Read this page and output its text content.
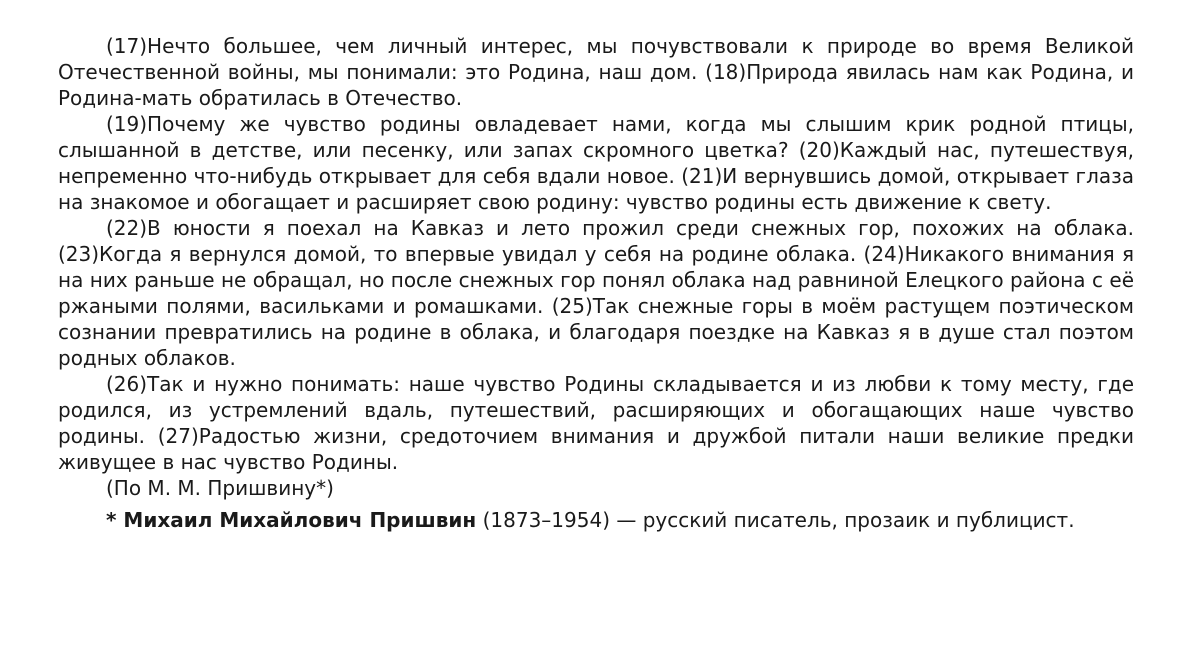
(17)Нечто большее, чем личный интерес, мы почувствовали к природе во время Великой Отечественной войны, мы понимали: это Родина, наш дом. (18)Природа явилась нам как Родина, и Родина-мать обратилась в Отечество.

(19)Почему же чувство родины овладевает нами, когда мы слышим крик родной птицы, слышанной в детстве, или песенку, или запах скромного цветка? (20)Каждый нас, путешествуя, непременно что-нибудь открывает для себя вдали новое. (21)И вернувшись домой, открывает глаза на знакомое и обогащает и расширяет свою родину: чувство родины есть движение к свету.

(22)В юности я поехал на Кавказ и лето прожил среди снежных гор, похожих на облака. (23)Когда я вернулся домой, то впервые увидал у себя на родине облака. (24)Никакого внимания я на них раньше не обращал, но после снежных гор понял облака над равниной Елецкого района с её ржаными полями, васильками и ромашками. (25)Так снежные горы в моём растущем поэтическом сознании превратились на родине в облака, и благодаря поездке на Кавказ я в душе стал поэтом родных облаков.

(26)Так и нужно понимать: наше чувство Родины складывается и из любви к тому месту, где родился, из устремлений вдаль, путешествий, расширяющих и обогащающих наше чувство родины. (27)Радостью жизни, средоточием внимания и дружбой питали наши великие предки живущее в нас чувство Родины.

(По М. М. Пришвину*)

* Михаил Михайлович Пришвин (1873–1954) — русский писатель, прозаик и публицист.
